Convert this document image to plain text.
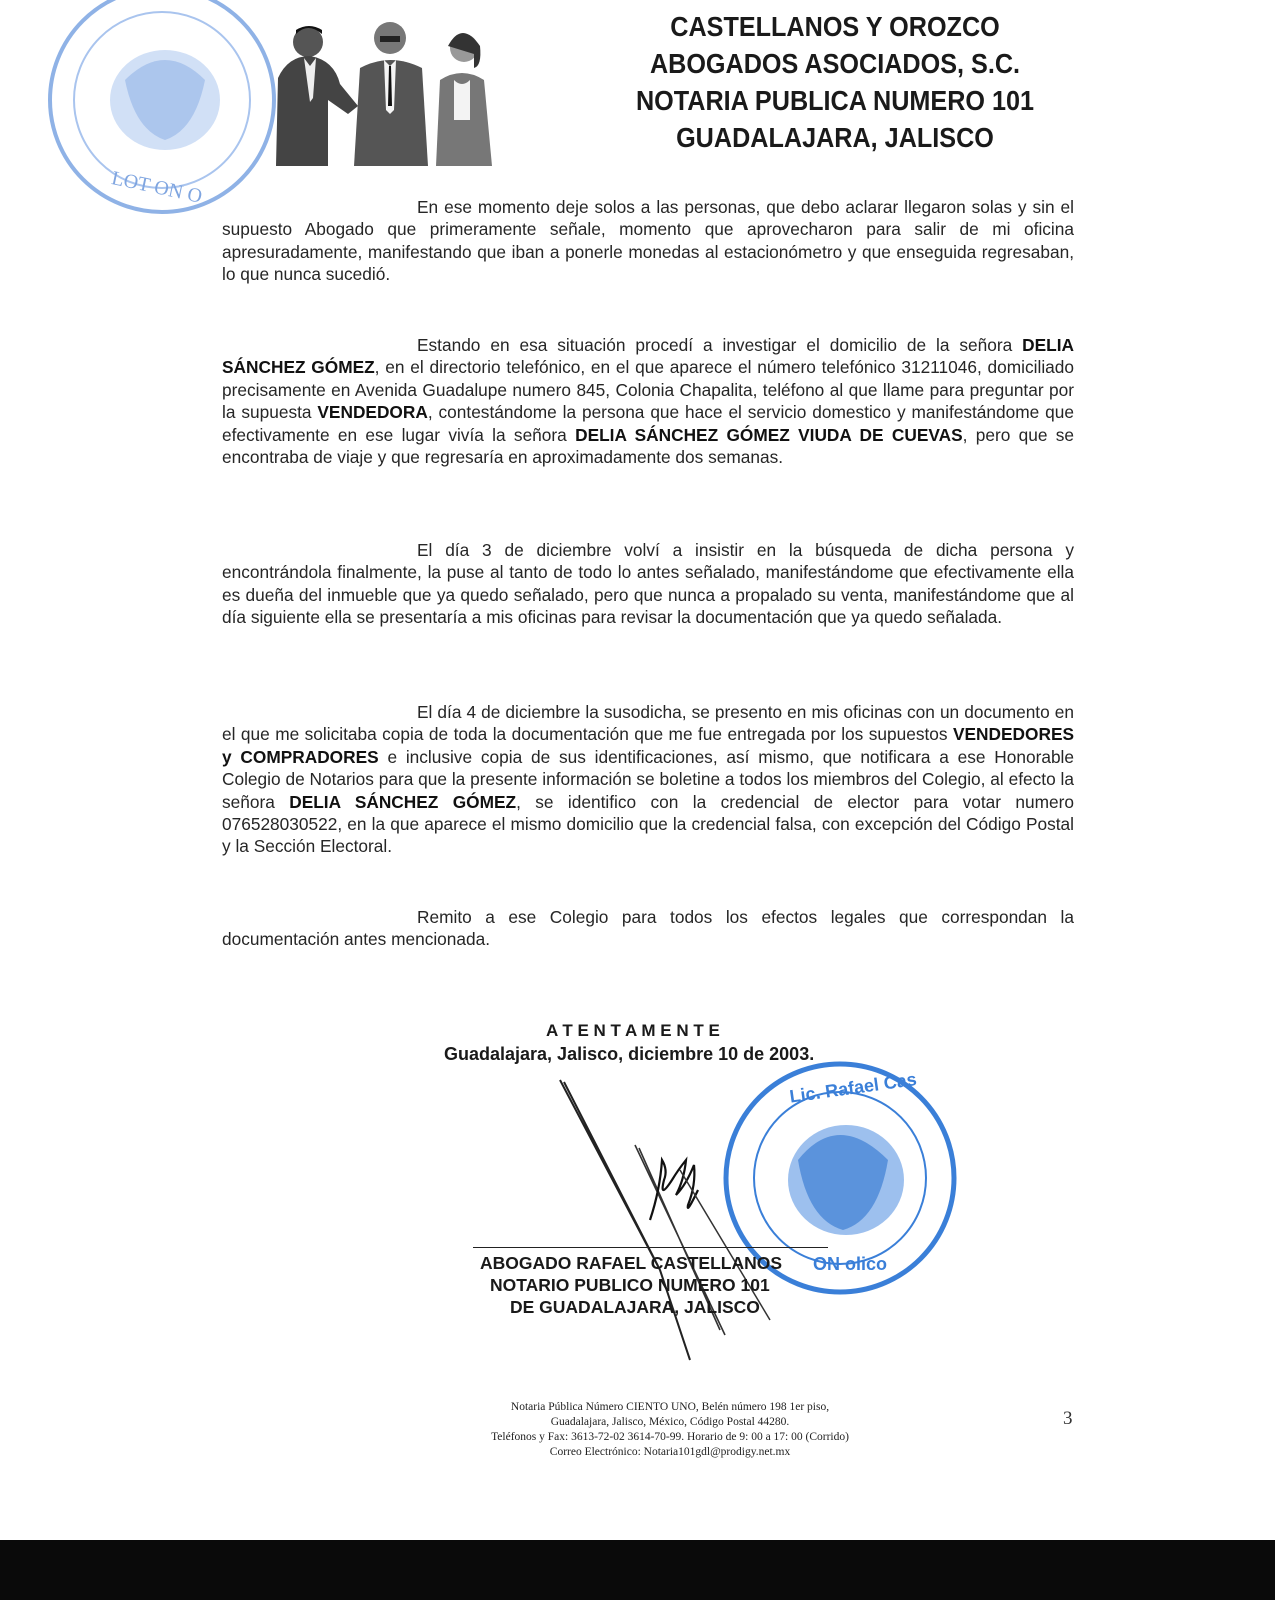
LOT ON O
CASTELLANOS Y OROZCO
ABOGADOS ASOCIADOS, S.C.
NOTARIA PUBLICA NUMERO 101
GUADALAJARA, JALISCO
En ese momento deje solos a las personas, que debo aclarar llegaron solas y sin el supuesto Abogado que primeramente señale, momento que aprovecharon para salir de mi oficina apresuradamente, manifestando que iban a ponerle monedas al estacionómetro y que enseguida regresaban, lo que nunca sucedió.
Estando en esa situación procedí a investigar el domicilio de la señora DELIA SÁNCHEZ GÓMEZ, en el directorio telefónico, en el que aparece el número telefónico 31211046, domiciliado precisamente en Avenida Guadalupe numero 845, Colonia Chapalita, teléfono al que llame para preguntar por la supuesta VENDEDORA, contestándome la persona que hace el servicio domestico y manifestándome que efectivamente en ese lugar vivía la señora DELIA SÁNCHEZ GÓMEZ VIUDA DE CUEVAS, pero que se encontraba de viaje y que regresaría en aproximadamente dos semanas.
El día 3 de diciembre volví a insistir en la búsqueda de dicha persona y encontrándola finalmente, la puse al tanto de todo lo antes señalado, manifestándome que efectivamente ella es dueña del inmueble que ya quedo señalado, pero que nunca a propalado su venta, manifestándome que al día siguiente ella se presentaría a mis oficinas para revisar la documentación que ya quedo señalada.
El día 4 de diciembre la susodicha, se presento en mis oficinas con un documento en el que me solicitaba copia de toda la documentación que me fue entregada por los supuestos VENDEDORES y COMPRADORES e inclusive copia de sus identificaciones, así mismo, que notificara a ese Honorable Colegio de Notarios para que la presente información se boletine a todos los miembros del Colegio, al efecto la señora DELIA SÁNCHEZ GÓMEZ, se identifico con la credencial de elector para votar numero 076528030522, en la que aparece el mismo domicilio que la credencial falsa, con excepción del Código Postal y la Sección Electoral.
Remito a ese Colegio para todos los efectos legales que correspondan la documentación antes mencionada.
A T E N T A M E N T E
Guadalajara, Jalisco, diciembre 10 de 2003.
Lic. Rafael Cas
ON olico
ABOGADO RAFAEL CASTELLANOS
NOTARIO PUBLICO NUMERO 101
DE GUADALAJARA, JALISCO
Notaria Pública Número CIENTO UNO, Belén número 198 1er piso,
Guadalajara, Jalisco, México, Código Postal 44280.
Teléfonos y Fax: 3613-72-02 3614-70-99. Horario de 9: 00 a 17: 00 (Corrido)
Correo Electrónico: Notaria101gdl@prodigy.net.mx
3
